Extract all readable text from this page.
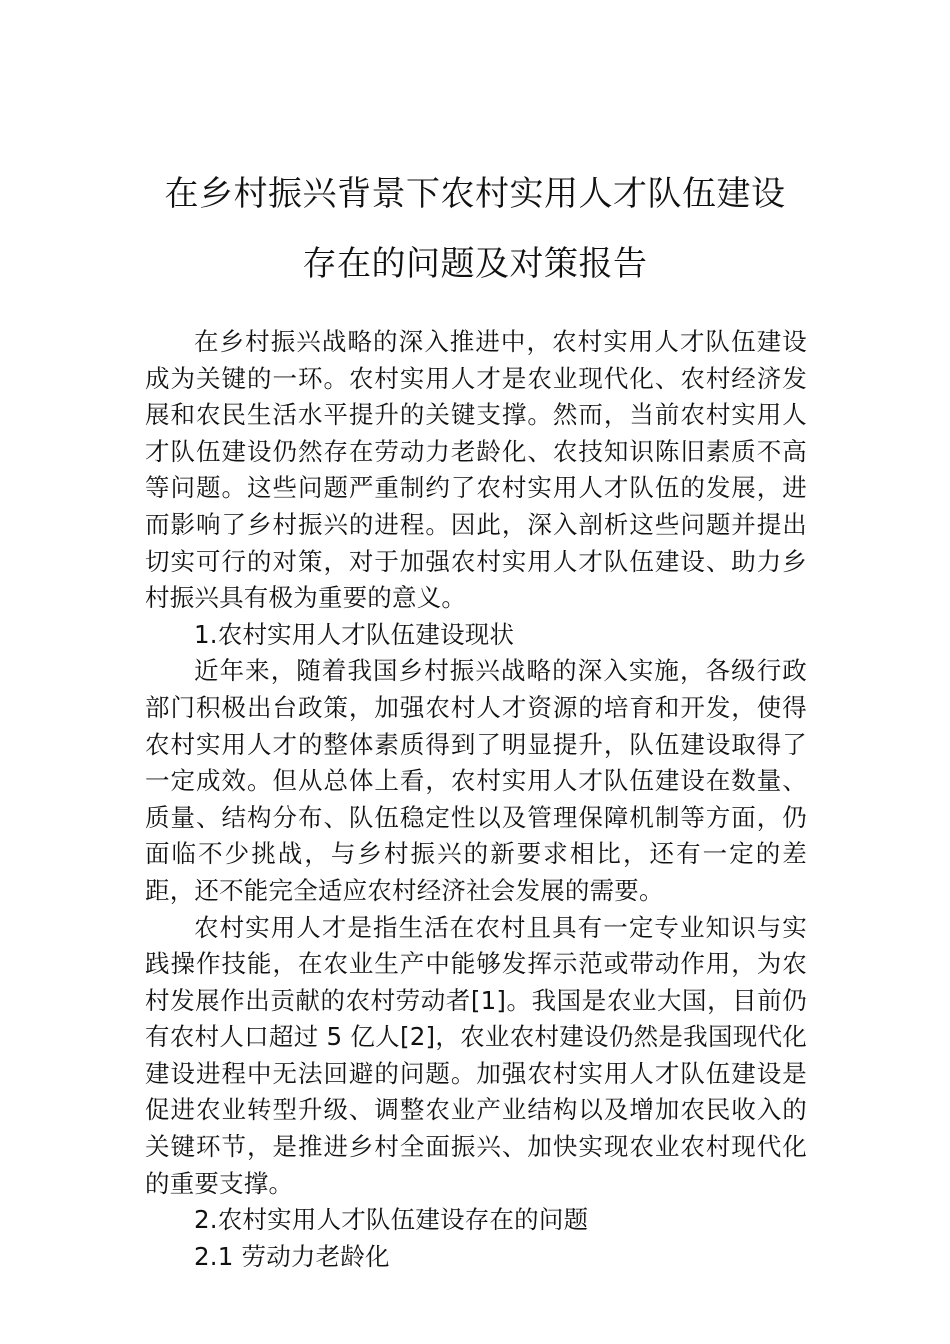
在乡村振兴背景下农村实用人才队伍建设
存在的问题及对策报告

在乡村振兴战略的深入推进中，农村实用人才队伍建设成为关键的一环。农村实用人才是农业现代化、农村经济发展和农民生活水平提升的关键支撑。然而，当前农村实用人才队伍建设仍然存在劳动力老龄化、农技知识陈旧素质不高等问题。这些问题严重制约了农村实用人才队伍的发展，进而影响了乡村振兴的进程。因此，深入剖析这些问题并提出切实可行的对策，对于加强农村实用人才队伍建设、助力乡村振兴具有极为重要的意义。

1.农村实用人才队伍建设现状

近年来，随着我国乡村振兴战略的深入实施，各级行政部门积极出台政策，加强农村人才资源的培育和开发，使得农村实用人才的整体素质得到了明显提升，队伍建设取得了一定成效。但从总体上看，农村实用人才队伍建设在数量、质量、结构分布、队伍稳定性以及管理保障机制等方面，仍面临不少挑战，与乡村振兴的新要求相比，还有一定的差距，还不能完全适应农村经济社会发展的需要。

农村实用人才是指生活在农村且具有一定专业知识与实践操作技能，在农业生产中能够发挥示范或带动作用，为农村发展作出贡献的农村劳动者[1]。我国是农业大国，目前仍有农村人口超过 5 亿人[2]，农业农村建设仍然是我国现代化建设进程中无法回避的问题。加强农村实用人才队伍建设是促进农业转型升级、调整农业产业结构以及增加农民收入的关键环节，是推进乡村全面振兴、加快实现农业农村现代化的重要支撑。

2.农村实用人才队伍建设存在的问题

2.1 劳动力老龄化
